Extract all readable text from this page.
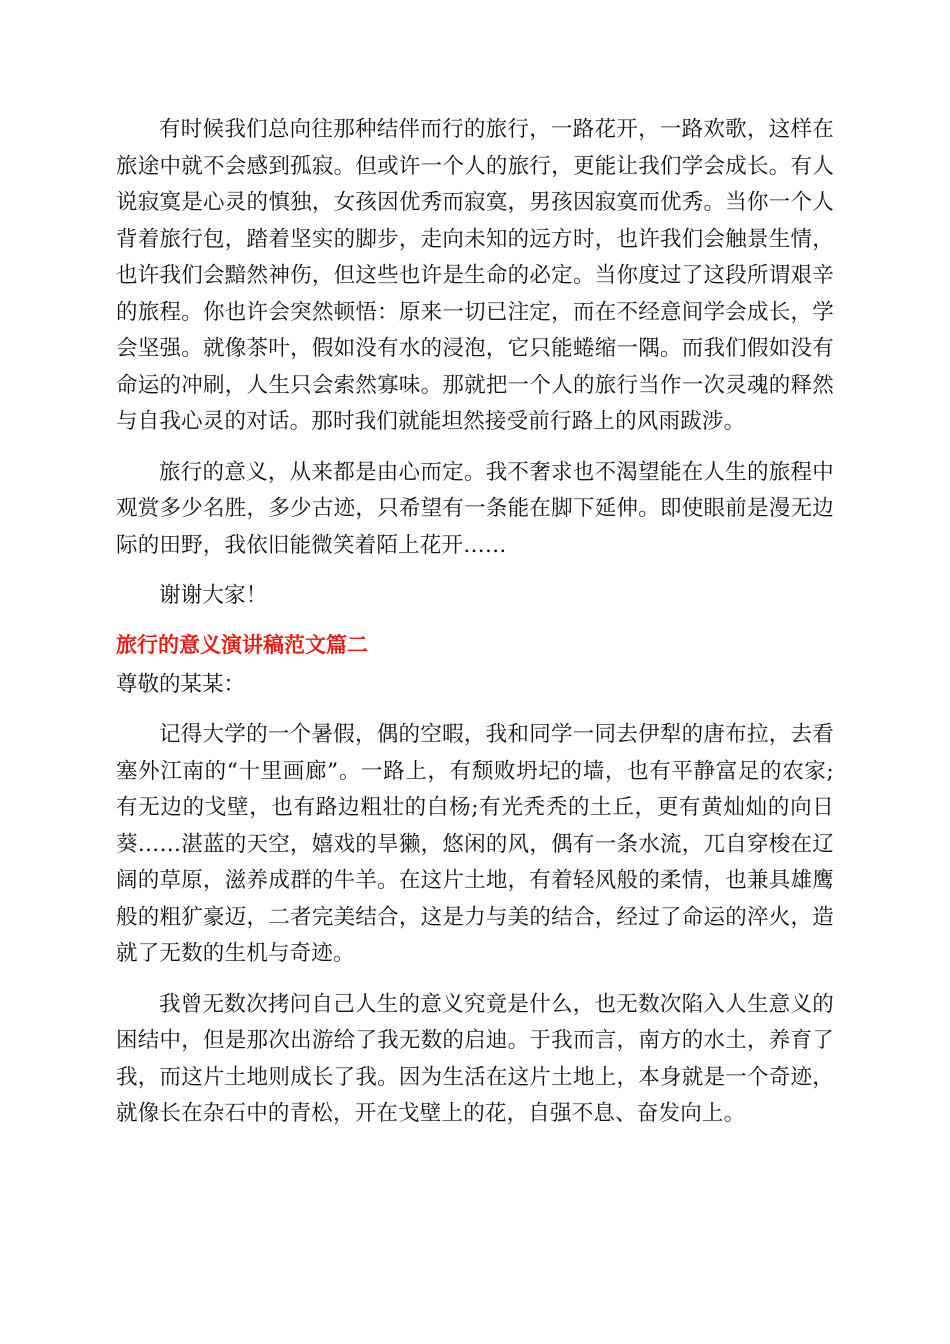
有时候我们总向往那种结伴而行的旅行，一路花开，一路欢歌，这样在旅途中就不会感到孤寂。但或许一个人的旅行，更能让我们学会成长。有人说寂寞是心灵的慎独，女孩因优秀而寂寞，男孩因寂寞而优秀。当你一个人背着旅行包，踏着坚实的脚步，走向未知的远方时，也许我们会触景生情，也许我们会黯然神伤，但这些也许是生命的必定。当你度过了这段所谓艰辛的旅程。你也许会突然顿悟：原来一切已注定，而在不经意间学会成长，学会坚强。就像茶叶，假如没有水的浸泡，它只能蜷缩一隅。而我们假如没有命运的冲刷，人生只会索然寡味。那就把一个人的旅行当作一次灵魂的释然与自我心灵的对话。那时我们就能坦然接受前行路上的风雨跋涉。

旅行的意义，从来都是由心而定。我不奢求也不渴望能在人生的旅程中观赏多少名胜，多少古迹，只希望有一条能在脚下延伸。即使眼前是漫无边际的田野，我依旧能微笑着陌上花开……

谢谢大家！

旅行的意义演讲稿范文篇二

尊敬的某某：

记得大学的一个暑假，偶的空暇，我和同学一同去伊犁的唐布拉，去看塞外江南的“十里画廊”。一路上，有颓败坍圮的墙，也有平静富足的农家;有无边的戈壁，也有路边粗壮的白杨;有光秃秃的土丘，更有黄灿灿的向日葵……湛蓝的天空，嬉戏的旱獭，悠闲的风，偶有一条水流，兀自穿梭在辽阔的草原，滋养成群的牛羊。在这片土地，有着轻风般的柔情，也兼具雄鹰般的粗犷豪迈，二者完美结合，这是力与美的结合，经过了命运的淬火，造就了无数的生机与奇迹。

我曾无数次拷问自己人生的意义究竟是什么，也无数次陷入人生意义的困结中，但是那次出游给了我无数的启迪。于我而言，南方的水土，养育了我，而这片土地则成长了我。因为生活在这片土地上，本身就是一个奇迹，就像长在杂石中的青松，开在戈壁上的花，自强不息、奋发向上。
